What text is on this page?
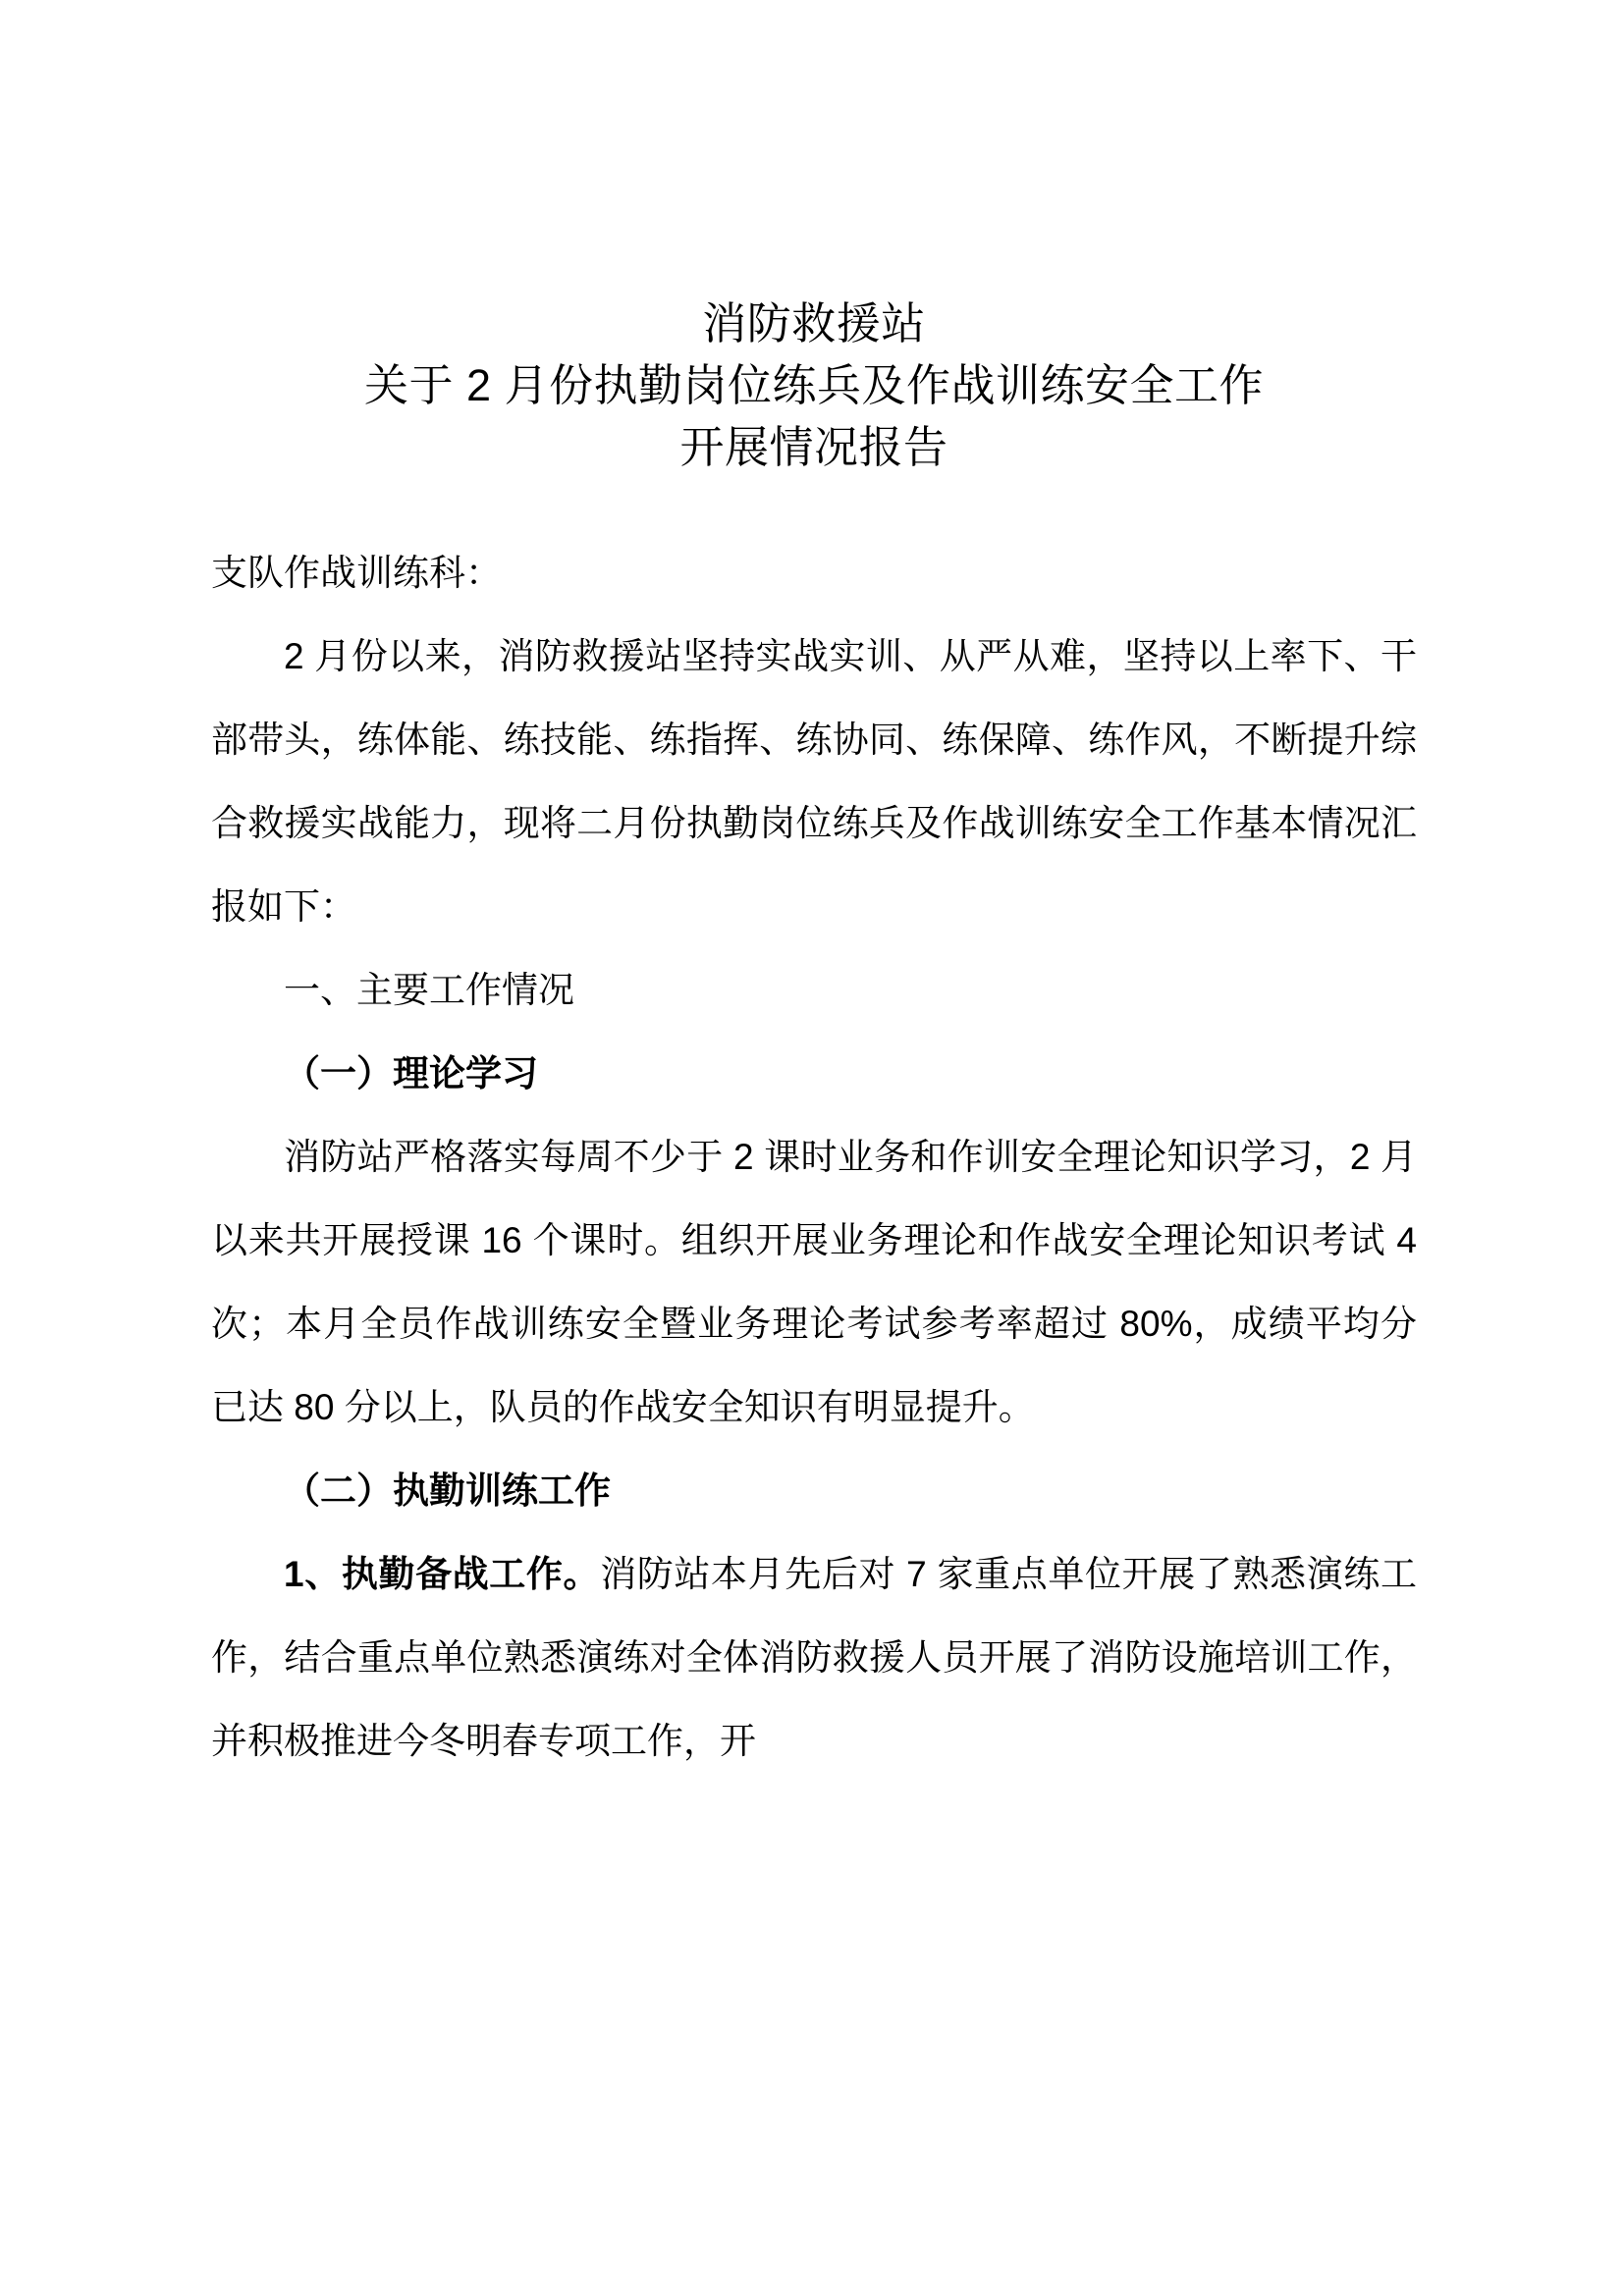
消防救援站
关于 2 月份执勤岗位练兵及作战训练安全工作
开展情况报告

支队作战训练科：

2 月份以来，消防救援站坚持实战实训、从严从难，坚持以上率下、干部带头，练体能、练技能、练指挥、练协同、练保障、练作风，不断提升综合救援实战能力，现将二月份执勤岗位练兵及作战训练安全工作基本情况汇报如下：

一、主要工作情况

（一）理论学习

消防站严格落实每周不少于 2 课时业务和作训安全理论知识学习，2 月以来共开展授课 16 个课时。组织开展业务理论和作战安全理论知识考试 4 次；本月全员作战训练安全暨业务理论考试参考率超过 80%，成绩平均分已达 80 分以上，队员的作战安全知识有明显提升。

（二）执勤训练工作

1、执勤备战工作。消防站本月先后对 7 家重点单位开展了熟悉演练工作，结合重点单位熟悉演练对全体消防救援人员开展了消防设施培训工作，并积极推进今冬明春专项工作，开
